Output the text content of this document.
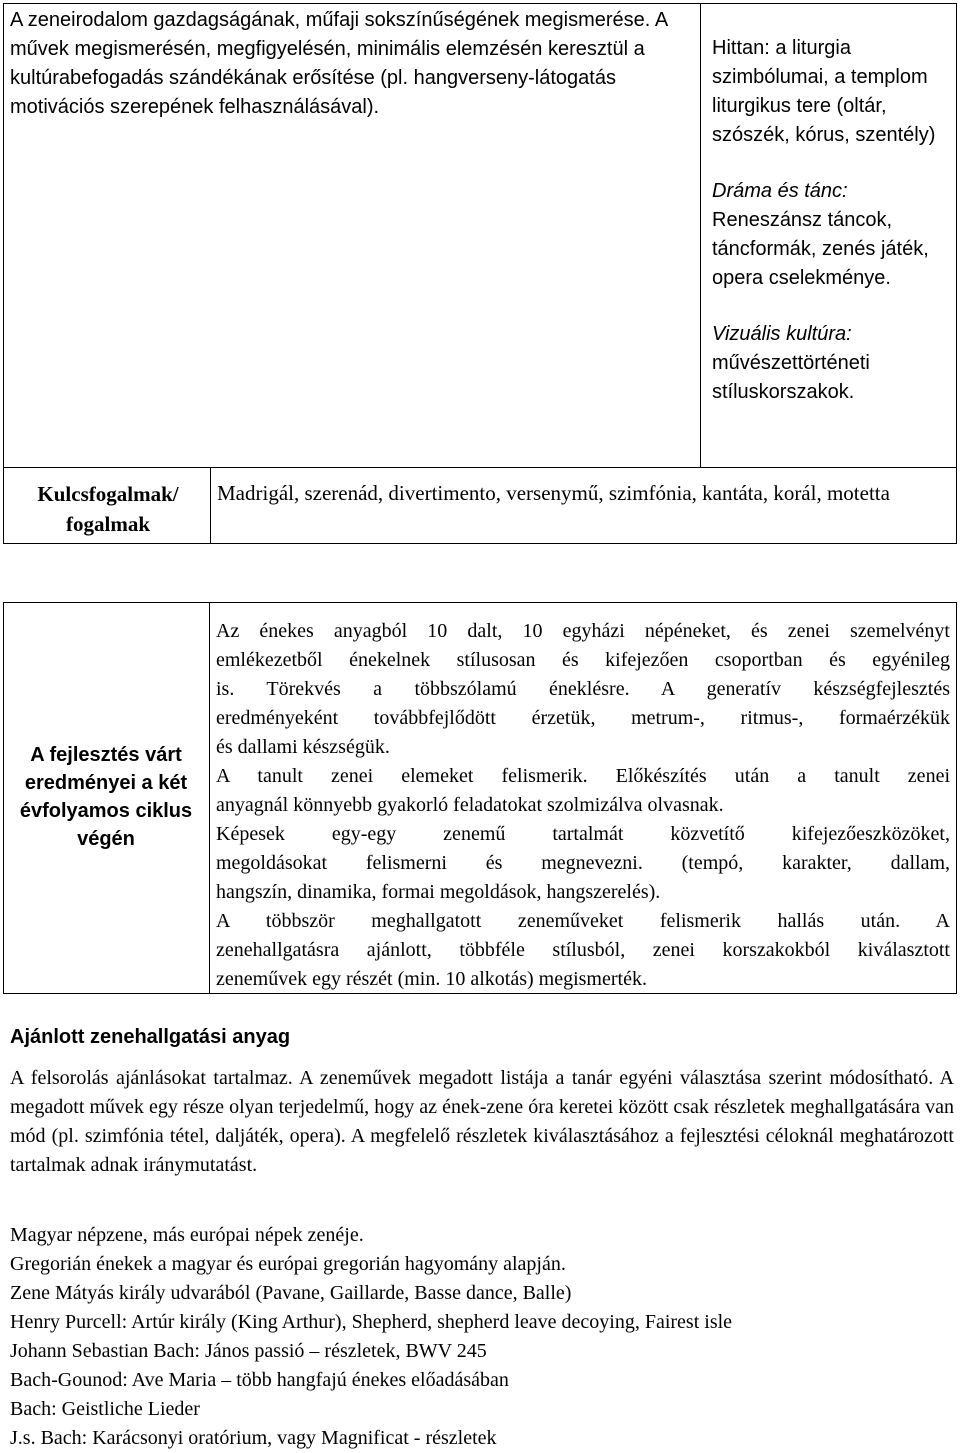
A zeneirodalom gazdagságának, műfaji sokszínűségének megismerése. A művek megismerésén, megfigyelésén, minimális elemzésén keresztül a kultúrabefogadás szándékának erősítése (pl. hangverseny-látogatás motivációs szerepének felhasználásával).

Hittan: a liturgia szimbólumai, a templom liturgikus tere (oltár, szószék, kórus, szentély)

Dráma és tánc:

Reneszánsz táncok, táncformák, zenés játék, opera cselekménye.

Vizuális kultúra:

művészettörténeti stíluskorszakok.

Kulcsfogalmak/ fogalmak
Madrigál, szerenád, divertimento, versenymű, szimfónia, kantáta, korál, motetta
A fejlesztés várt eredményei a két évfolyamos ciklus végén
Az énekes anyagból 10 dalt, 10 egyházi népéneket, és zenei szemelvényt
emlékezetből énekelnek stílusosan és kifejezően csoportban és egyénileg
is. Törekvés a többszólamú éneklésre. A generatív készségfejlesztés
eredményeként továbbfejlődött érzetük, metrum-, ritmus-, formaérzékük
és dallami készségük.
A tanult zenei elemeket felismerik. Előkészítés után a tanult zenei
anyagnál könnyebb gyakorló feladatokat szolmizálva olvasnak.
Képesek egy-egy zenemű tartalmát közvetítő kifejezőeszközöket,
megoldásokat felismerni és megnevezni. (tempó, karakter, dallam,
hangszín, dinamika, formai megoldások, hangszerelés).
A többször meghallgatott zeneműveket felismerik hallás után. A
zenehallgatásra ajánlott, többféle stílusból, zenei korszakokból kiválasztott
zeneművek egy részét (min. 10 alkotás) megismerték.
Ajánlott zenehallgatási anyag
A felsorolás ajánlásokat tartalmaz. A zeneművek megadott listája a tanár egyéni választása szerint módosítható. A megadott művek egy része olyan terjedelmű, hogy az ének-zene óra keretei között csak részletek meghallgatására van mód (pl. szimfónia tétel, daljáték, opera). A megfelelő részletek kiválasztásához a fejlesztési céloknál meghatározott tartalmak adnak iránymutatást.
Magyar népzene, más európai népek zenéje.
Gregorián énekek a magyar és európai gregorián hagyomány alapján.
Zene Mátyás király udvarából (Pavane, Gaillarde, Basse dance, Balle)
Henry Purcell: Artúr király (King Arthur), Shepherd, shepherd leave decoying, Fairest isle
Johann Sebastian Bach: János passió – részletek, BWV 245
Bach-Gounod: Ave Maria – több hangfajú énekes előadásában
Bach: Geistliche Lieder
J.s. Bach: Karácsonyi oratórium, vagy Magnificat - részletek
